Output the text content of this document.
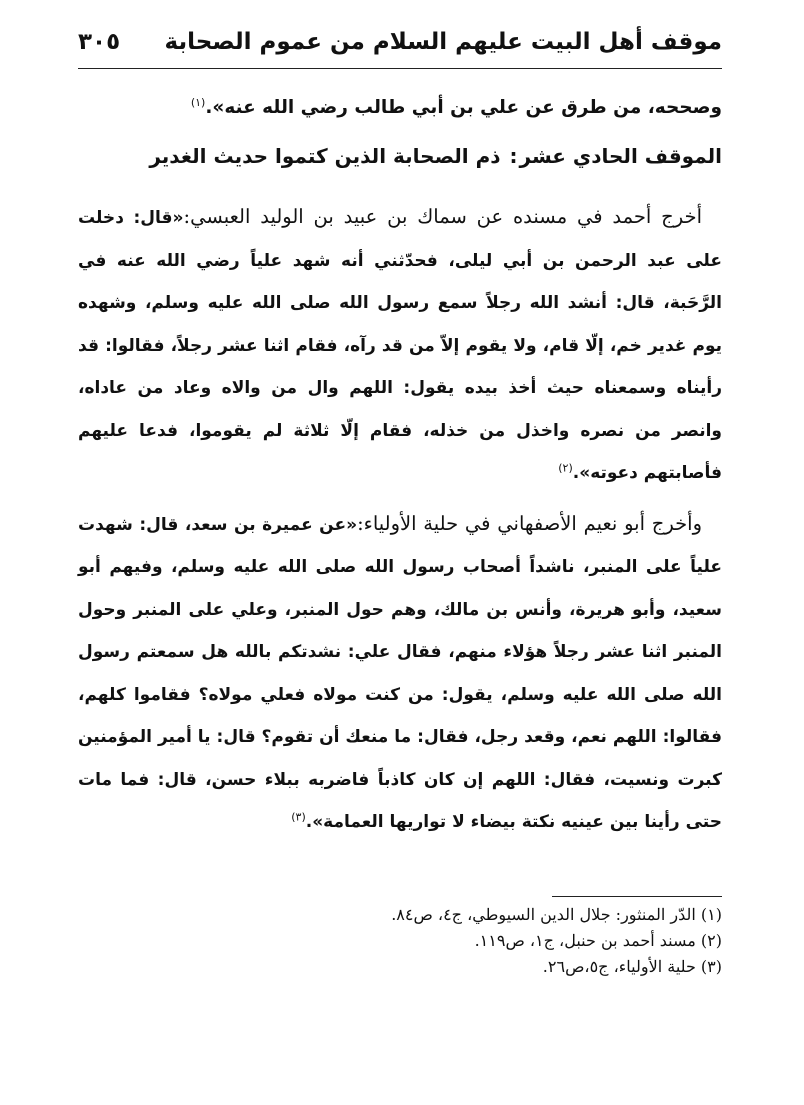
موقف أهل البيت عليهم السلام من عموم الصحابة
٣٠٥

وصححه، من طرق عن علي بن أبي طالب رضي الله عنه».$^{(١)}$

الموقف الحادي عشر: ذم الصحابة الذين كتموا حديث الغدير

أخرج أحمد في مسنده عن سماك بن عبيد بن الوليد العبسي:«قال: دخلت على عبد الرحمن بن أبي ليلى، فحدّثني أنه شهد علياً رضي الله عنه في الرَّحَبة، قال: أنشد الله رجلاً سمع رسول الله صلى الله عليه وسلم، وشهده يوم غدير خم، إلّا قام، ولا يقوم إلاّ من قد رآه، فقام اثنا عشر رجلاً، فقالوا: قد رأيناه وسمعناه حيث أخذ بيده يقول: اللهم وال من والاه وعاد من عاداه، وانصر من نصره واخذل من خذله، فقام إلّا ثلاثة لم يقوموا، فدعا عليهم فأصابتهم دعوته».$^{(٢)}$

وأخرج أبو نعيم الأصفهاني في حلية الأولياء:«عن عميرة بن سعد، قال: شهدت علياً على المنبر، ناشداً أصحاب رسول الله صلى الله عليه وسلم، وفيهم أبو سعيد، وأبو هريرة، وأنس بن مالك، وهم حول المنبر، وعلي على المنبر وحول المنبر اثنا عشر رجلاً هؤلاء منهم، فقال علي: نشدتكم بالله هل سمعتم رسول الله صلى الله عليه وسلم، يقول: من كنت مولاه فعلي مولاه؟ فقاموا كلهم، فقالوا: اللهم نعم، وقعد رجل، فقال: ما منعك أن تقوم؟ قال: يا أمير المؤمنين كبرت ونسيت، فقال: اللهم إن كان كاذباً فاضربه ببلاء حسن، قال: فما مات حتى رأينا بين عينيه نكتة بيضاء لا تواريها العمامة».$^{(٣)}$

(١) الدّر المنثور: جلال الدين السيوطي، ج٤، ص٨٤.

(٢) مسند أحمد بن حنبل، ج١، ص١١٩.

(٣) حلية الأولياء، ج٥،ص٢٦.
